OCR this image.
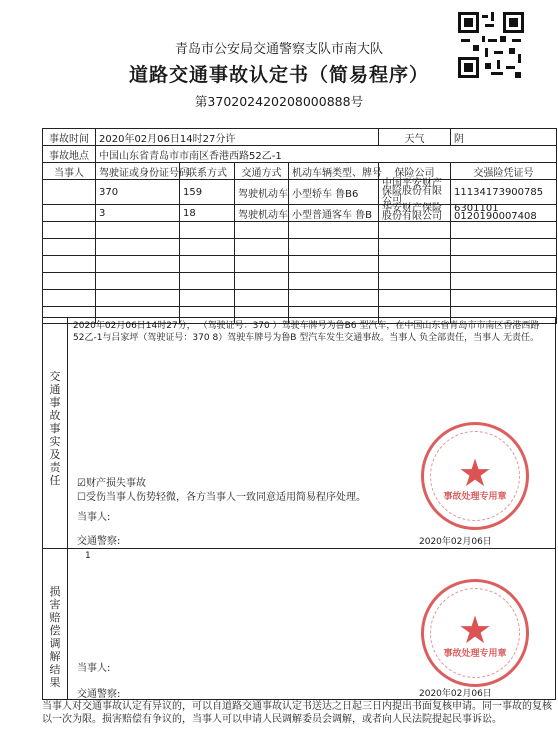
青岛市公安局交通警察支队市南大队
道路交通事故认定书（简易程序）
第370202420208000888号
事故时间	2020年02月06日14时27分许				天气	阴
事故地点	中国山东省青岛市市南区香港西路52乙-1					
当事人	驾驶证或身份证号码	联系方式	交通方式	机动车辆类型、牌号	保险公司	交强险凭证号
	370	159	驾驶机动车	小型轿车 鲁B6	中国平安财产保险股份有限公司	11134173900785
	3	18	驾驶机动车	小型普通客车 鲁B	华安财产保险股份有限公司	6301101 0120190007408

交通事故事实及责任
2020年02月06日14时27分， （驾驶证号：370 ）驾驶车牌号为鲁B6 型汽车，在中国山东省青岛市市南区香港西路52乙-1与吕家坪（驾驶证号：370 8）驾驶车牌号为鲁B 型汽车发生交通事故。当事人 负全部责任，当事人 无责任。
☑财产损失事故
☐受伤当事人伤势轻微，各方当事人一致同意适用简易程序处理。
当事人:
交通警察:
★
事故处理专用章
2020年02月06日
损害赔偿调解结果
1
当事人:
交通警察:
★
事故处理专用章
2020年02月06日
当事人对交通事故认定有异议的，可以自道路交通事故认定书送达之日起三日内提出书面复核申请。同一事故的复核以一次为限。损害赔偿有争议的，当事人可以申请人民调解委员会调解，或者向人民法院提起民事诉讼。
